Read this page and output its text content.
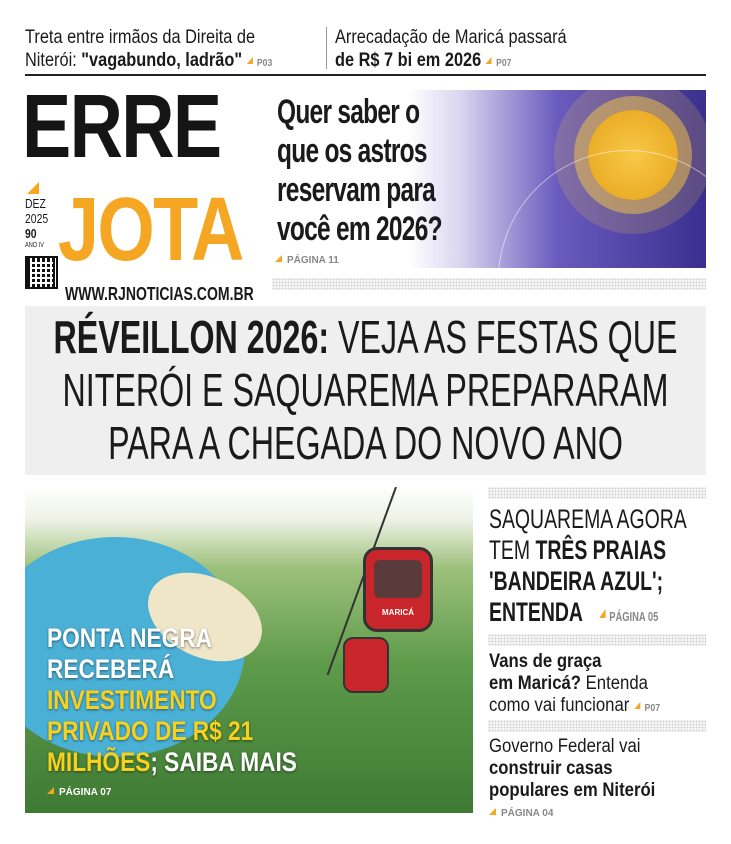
Treta entre irmãos da Direita de
Niterói: "vagabundo, ladrão" P03
Arrecadação de Maricá passará
de R$ 7 bi em 2026 P07
ERRE
JOTA
DEZ
2025
90
ANO IV
WWW.RJNOTICIAS.COM.BR
Quer saber o
que os astros
reservam para
você em 2026?
PÁGINA 11
RÉVEILLON 2026: VEJA AS FESTAS QUE
NITERÓI E SAQUAREMA PREPARARAM
PARA A CHEGADA DO NOVO ANO
MARICÁ
PONTA NEGRA
RECEBERÁ
INVESTIMENTO
PRIVADO DE R$ 21
MILHÕES; SAIBA MAIS
PÁGINA 07
SAQUAREMA AGORA
TEM TRÊS PRAIAS
'BANDEIRA AZUL';
ENTENDA PÁGINA 05
Vans de graça
em Maricá? Entenda
como vai funcionar P07
Governo Federal vai
construir casas
populares em Niterói
PÁGINA 04
